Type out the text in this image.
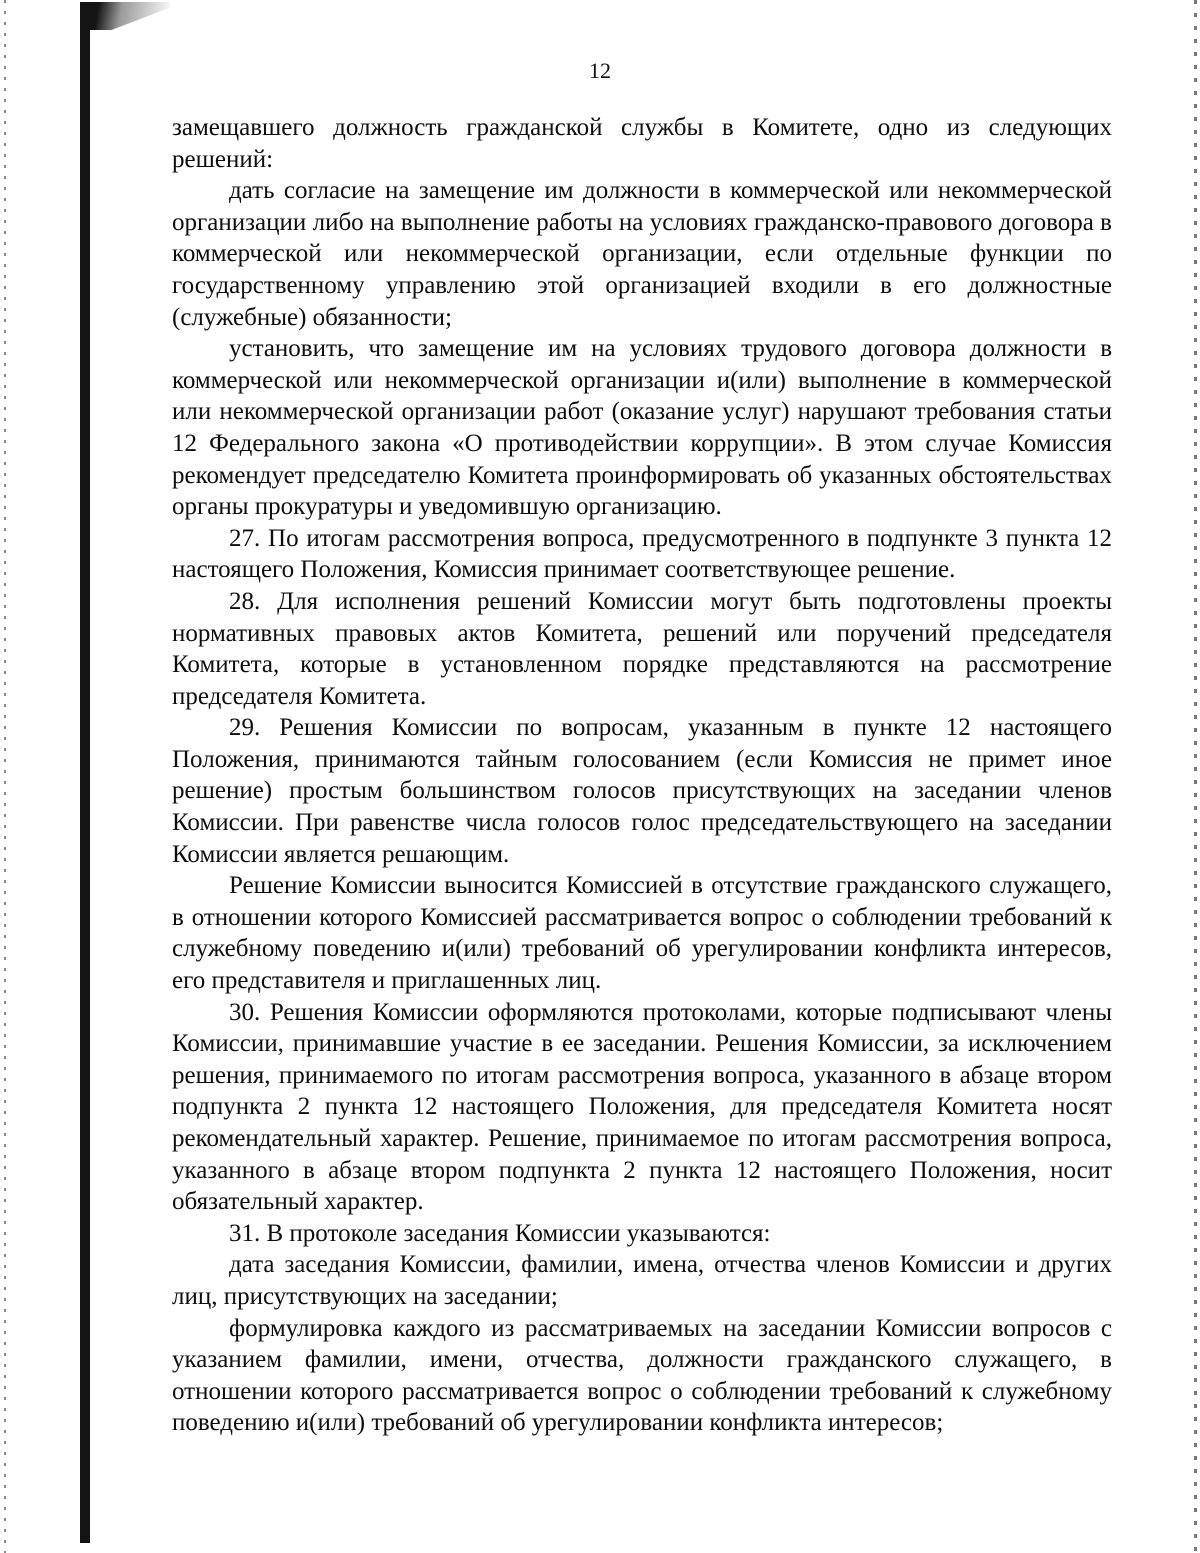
12

замещавшего должность гражданской службы в Комитете, одно из следующих решений:

дать согласие на замещение им должности в коммерческой или некоммерческой организации либо на выполнение работы на условиях гражданско-правового договора в коммерческой или некоммерческой организации, если отдельные функции по государственному управлению этой организацией входили в его должностные (служебные) обязанности;

установить, что замещение им на условиях трудового договора должности в коммерческой или некоммерческой организации и(или) выполнение в коммерческой или некоммерческой организации работ (оказание услуг) нарушают требования статьи 12 Федерального закона «О противодействии коррупции». В этом случае Комиссия рекомендует председателю Комитета проинформировать об указанных обстоятельствах органы прокуратуры и уведомившую организацию.

27. По итогам рассмотрения вопроса, предусмотренного в подпункте 3 пункта 12 настоящего Положения, Комиссия принимает соответствующее решение.

28. Для исполнения решений Комиссии могут быть подготовлены проекты нормативных правовых актов Комитета, решений или поручений председателя Комитета, которые в установленном порядке представляются на рассмотрение председателя Комитета.

29. Решения Комиссии по вопросам, указанным в пункте 12 настоящего Положения, принимаются тайным голосованием (если Комиссия не примет иное решение) простым большинством голосов присутствующих на заседании членов Комиссии. При равенстве числа голосов голос председательствующего на заседании Комиссии является решающим.

Решение Комиссии выносится Комиссией в отсутствие гражданского служащего, в отношении которого Комиссией рассматривается вопрос о соблюдении требований к служебному поведению и(или) требований об урегулировании конфликта интересов, его представителя и приглашенных лиц.

30. Решения Комиссии оформляются протоколами, которые подписывают члены Комиссии, принимавшие участие в ее заседании. Решения Комиссии, за исключением решения, принимаемого по итогам рассмотрения вопроса, указанного в абзаце втором подпункта 2 пункта 12 настоящего Положения, для председателя Комитета носят рекомендательный характер. Решение, принимаемое по итогам рассмотрения вопроса, указанного в абзаце втором подпункта 2 пункта 12 настоящего Положения, носит обязательный характер.

31. В протоколе заседания Комиссии указываются:

дата заседания Комиссии, фамилии, имена, отчества членов Комиссии и других лиц, присутствующих на заседании;

формулировка каждого из рассматриваемых на заседании Комиссии вопросов с указанием фамилии, имени, отчества, должности гражданского служащего, в отношении которого рассматривается вопрос о соблюдении требований к служебному поведению и(или) требований об урегулировании конфликта интересов;
